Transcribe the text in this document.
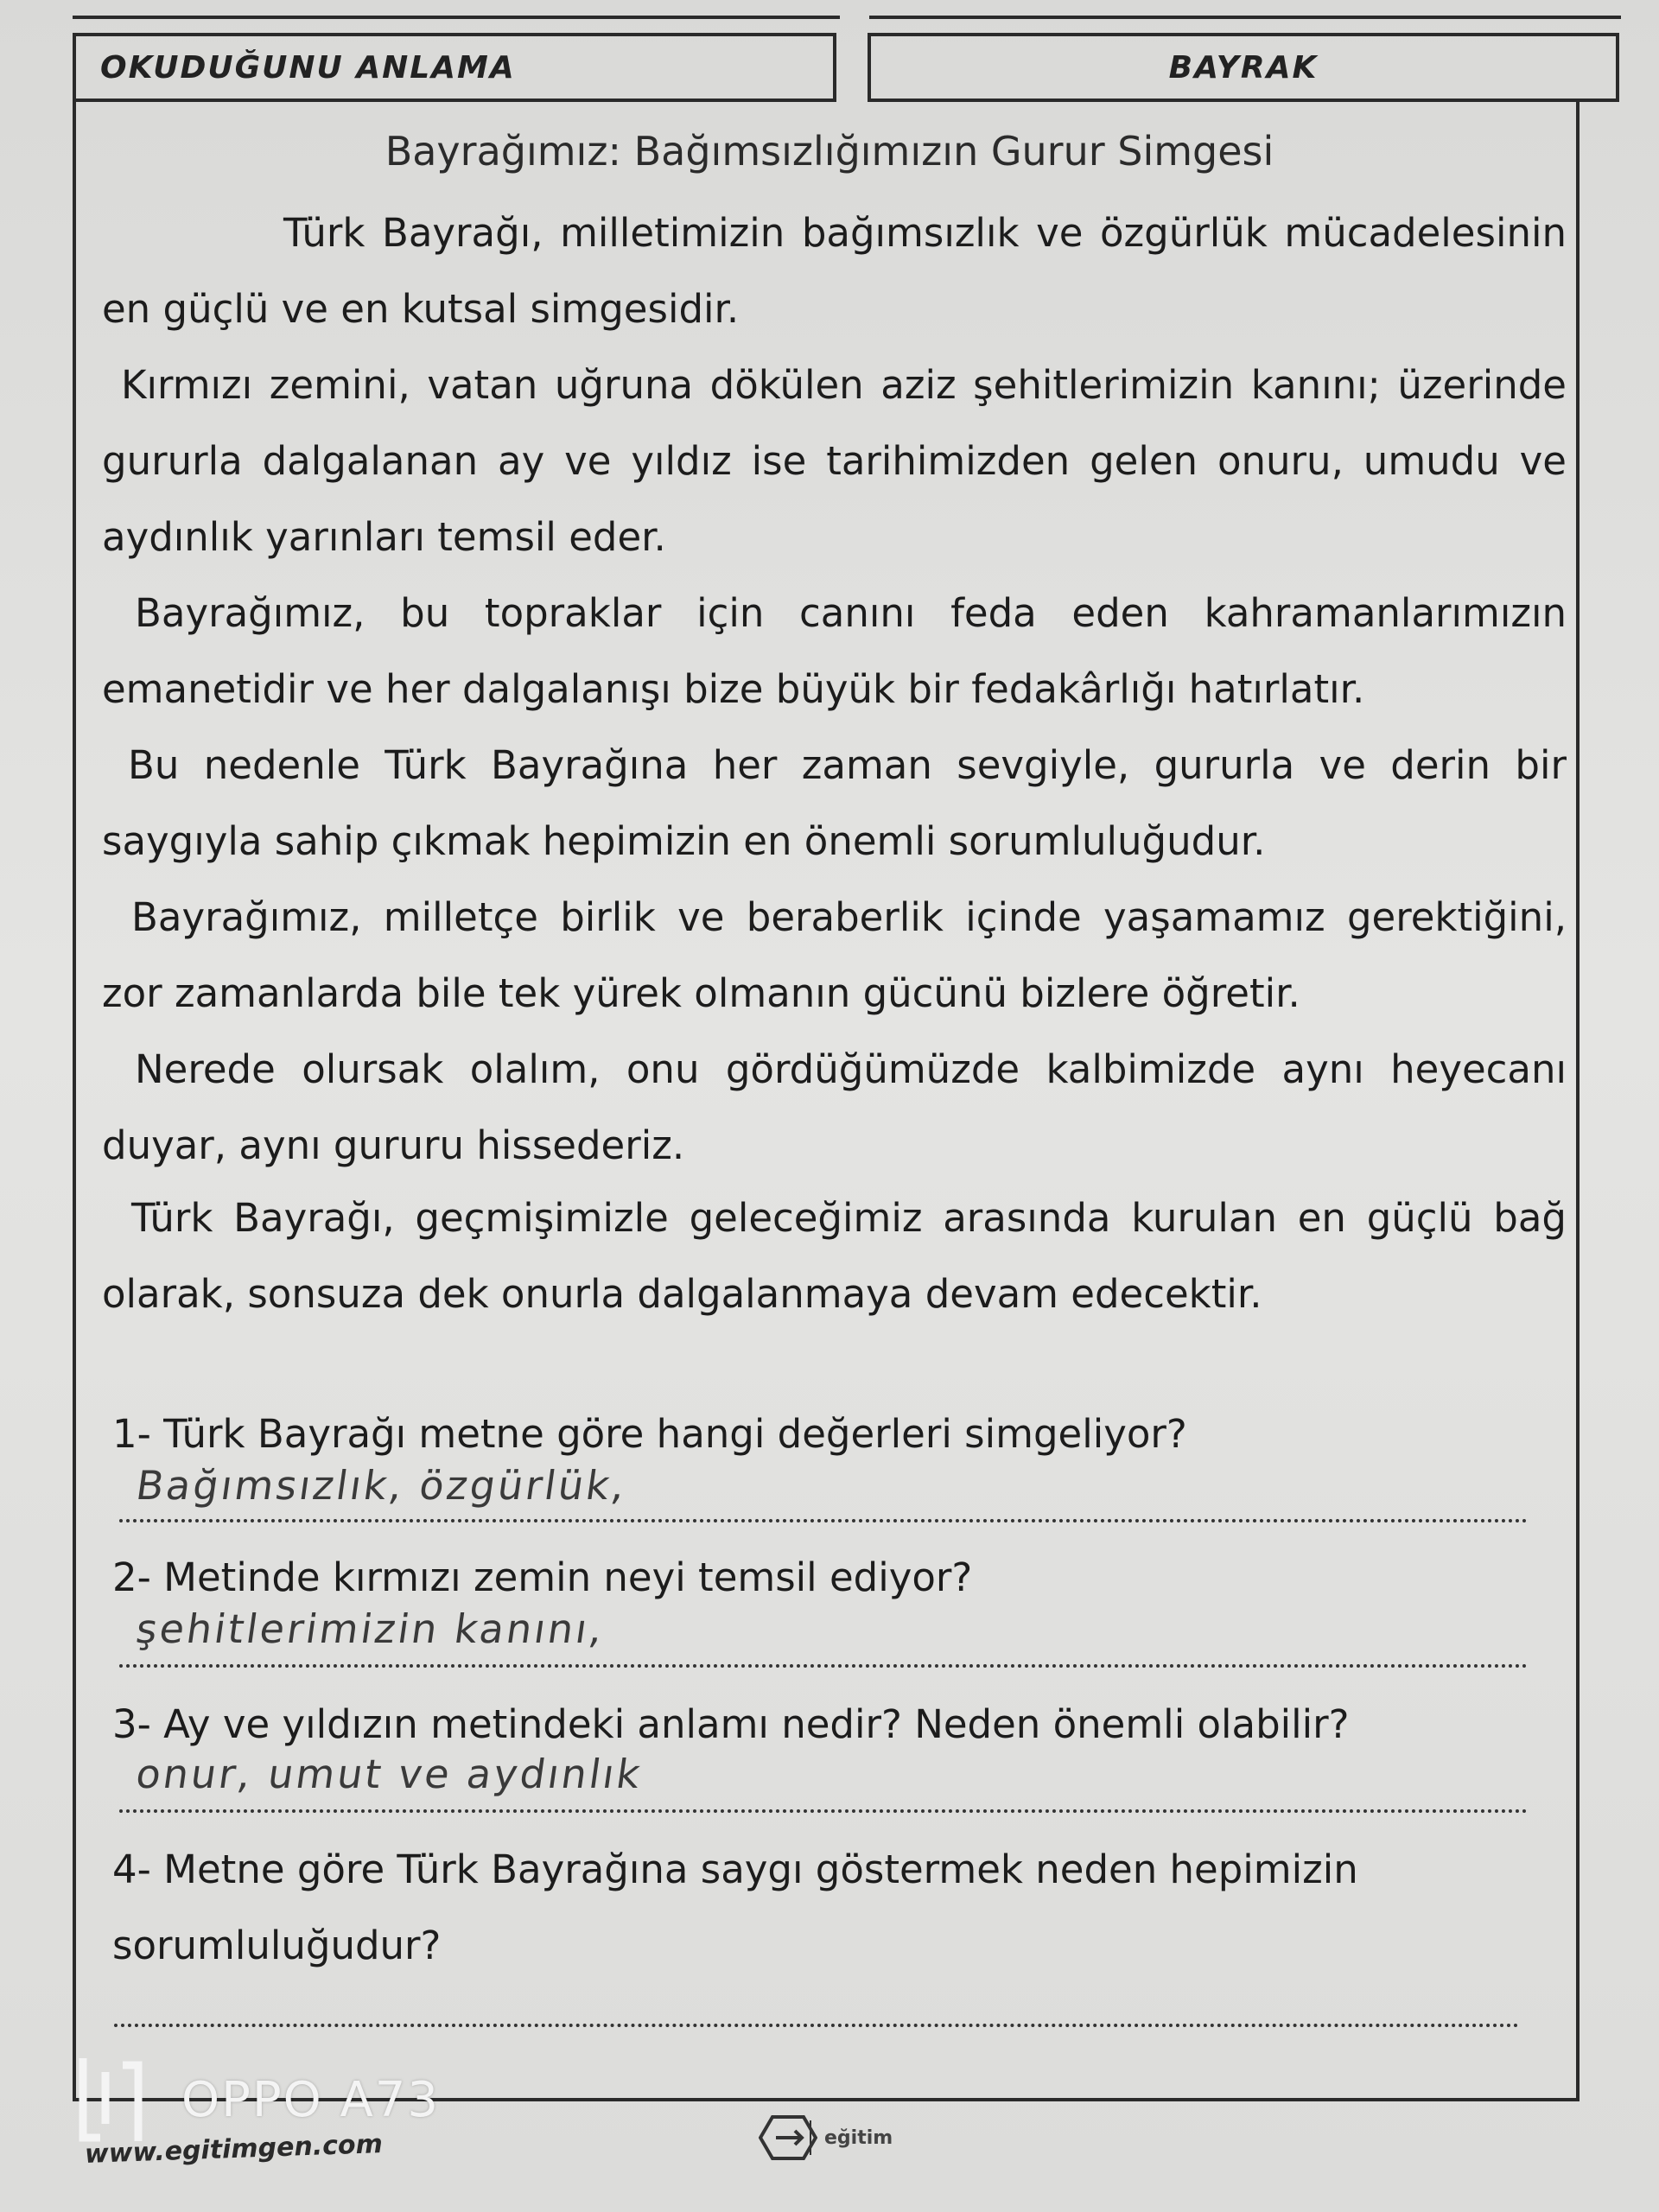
OKUDUĞUNU ANLAMA	BAYRAK
Bayrağımız: Bağımsızlığımızın Gurur Simgesi
Türk Bayrağı, milletimizin bağımsızlık ve özgürlük mücadelesinin en güçlü ve en kutsal simgesidir.
Kırmızı zemini, vatan uğruna dökülen aziz şehitlerimizin kanını; üzerinde gururla dalgalanan ay ve yıldız ise tarihimizden gelen onuru, umudu ve aydınlık yarınları temsil eder.
Bayrağımız, bu topraklar için canını feda eden kahramanlarımızın emanetidir ve her dalgalanışı bize büyük bir fedakârlığı hatırlatır.
Bu nedenle Türk Bayrağına her zaman sevgiyle, gururla ve derin bir saygıyla sahip çıkmak hepimizin en önemli sorumluluğudur.
Bayrağımız, milletçe birlik ve beraberlik içinde yaşamamız gerektiğini, zor zamanlarda bile tek yürek olmanın gücünü bizlere öğretir.
Nerede olursak olalım, onu gördüğümüzde kalbimizde aynı heyecanı duyar, aynı gururu hissederiz.
Türk Bayrağı, geçmişimizle geleceğimiz arasında kurulan en güçlü bağ olarak, sonsuza dek onurla dalgalanmaya devam edecektir.
1- Türk Bayrağı metne göre hangi değerleri simgeliyor?
Bağımsızlık, özgürlük,
2- Metinde kırmızı zemin neyi temsil ediyor?
şehitlerimizin kanını,
3- Ay ve yıldızın metindeki anlamı nedir? Neden önemli olabilir?
onur, umut ve aydınlık
4- Metne göre Türk Bayrağına saygı göstermek neden hepimizin sorumluluğudur?
www.egitimgen.com	eğitim
OPPO A73
